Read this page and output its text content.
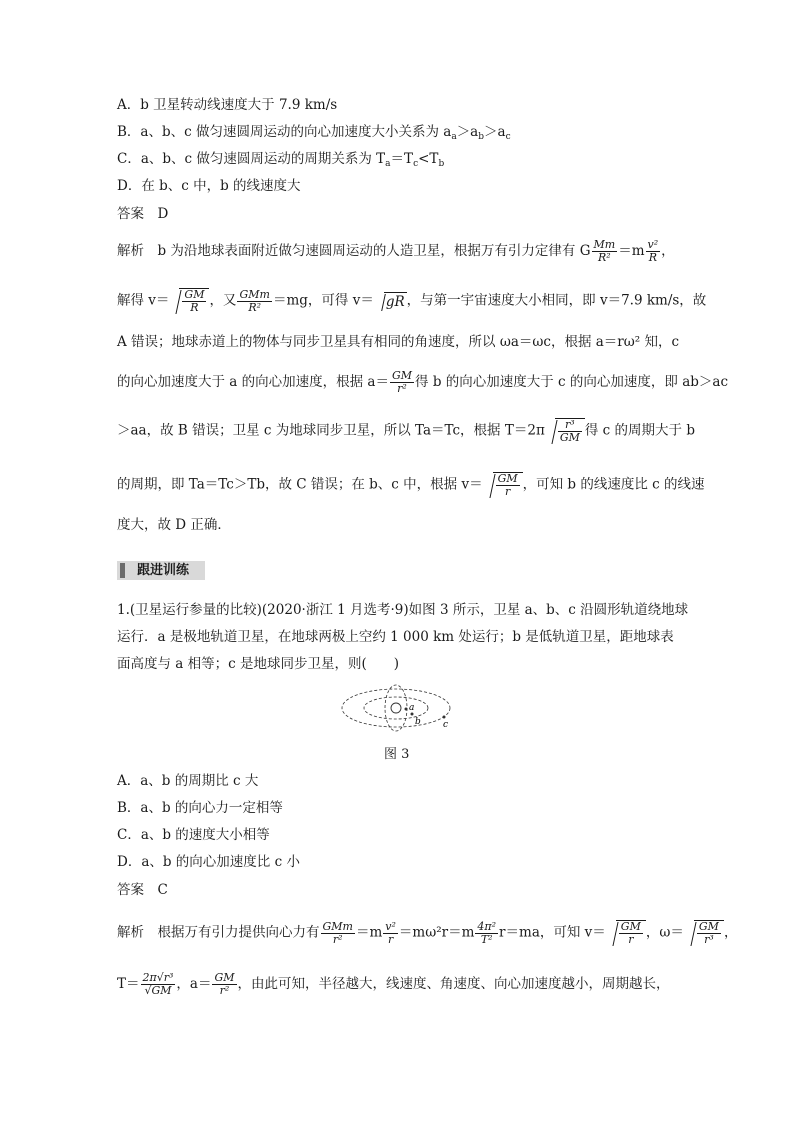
A．b 卫星转动线速度大于 7.9 km/s
B．a、b、c 做匀速圆周运动的向心加速度大小关系为 $a_a>a_b>a_c$
C．a、b、c 做匀速圆周运动的周期关系为 $T_a=T_c<T_b$
D．在 b、c 中，b 的线速度大
答案　D
解析　b 为沿地球表面附近做匀速圆周运动的人造卫星，根据万有引力定律有 G $\frac{Mm}{\text{R²}} =m \frac{\text{v²}}{R}$ ，
解得 $v= \frac{GM}{R}$ ，又 $\frac{\text{GMm}}{\text{R²}} =mg$，可得 v＝ gR ，与第一宇宙速度大小相同，即 v＝7.9 km/s，故
A 错误；地球赤道上的物体与同步卫星具有相同的角速度，所以 ωa＝ωc，根据 a＝rω² 知，c
的向心加速度大于 a 的向心加速度，根据 $a= \frac{GM}{\text{r²}}$ 得 b 的向心加速度大于 c 的向心加速度，即 ab＞ac
＞aa，故 B 错误；卫星 c 为地球同步卫星，所以 Ta＝Tc，根据 $T=2\pi \frac{\text{r³}}{GM}$ 得 c 的周期大于 b
的周期，即 Ta＝Tc＞Tb，故 C 错误；在 b、c 中，根据 $v= \frac{GM}{r}$ ，可知 b 的线速度比 c 的线速
度大，故 D 正确．
跟进训练
1.(卫星运行参量的比较)(2020·浙江 1 月选考·9)如图 3 所示，卫星 a、b、c 沿圆形轨道绕地球
运行．a 是极地轨道卫星，在地球两极上空约 1 000 km 处运行；b 是低轨道卫星，距地球表
面高度与 a 相等；c 是地球同步卫星，则(　　)
a
b c
图 3
A．a、b 的周期比 c 大
B．a、b 的向心力一定相等
C．a、b 的速度大小相等
D．a、b 的向心加速度比 c 小
答案　C
解析　根据万有引力提供向心力有 $\frac{\text{GMm}}{\text{r²}} =m \frac{\text{v²}}{r} =m\omega^2r=m \frac{\text{4π²}}{\text{T²}} r=ma$，可知 $v= \frac{GM}{r}$ ，$\omega= \frac{GM}{\text{r³}}$ ，
$T= \frac{\text{2π√r³}}{√GM}$ ，$a= \frac{GM}{\text{r²}}$ ，由此可知，半径越大，线速度、角速度、向心加速度越小，周期越长，
